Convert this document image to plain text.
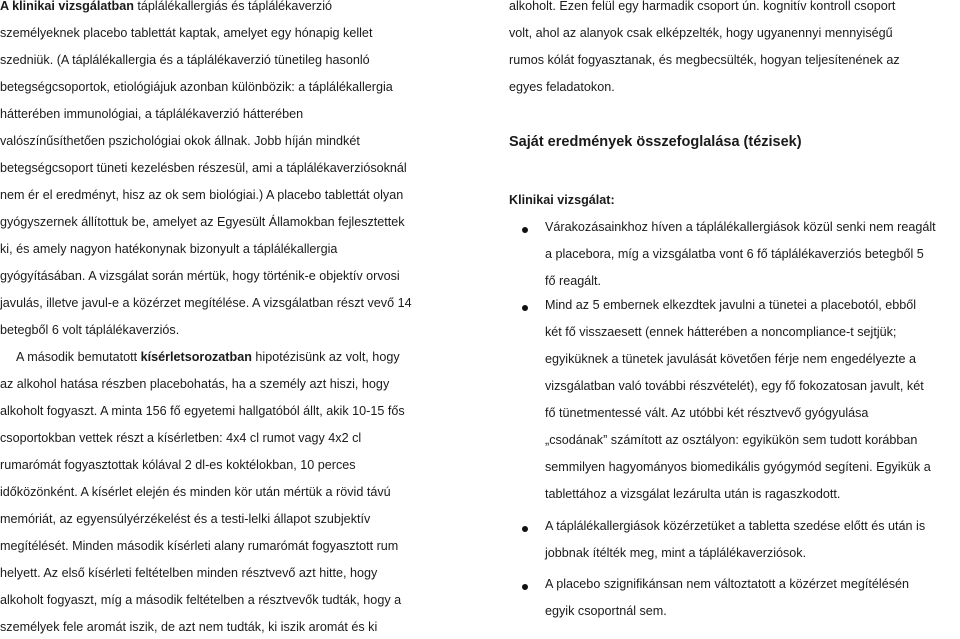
A klinikai vizsgálatban táplálékallergiás és táplálékaverzió
személyeknek placebo tablettát kaptak, amelyet egy hónapig kellet
szedniük. (A táplálékallergia és a táplálékaverzió tünetileg hasonló
betegségcsoportok, etiológiájuk azonban különbözik: a táplálékallergia
hátterében immunológiai, a táplálékaverzió hátterében
valószínűsíthetően pszichológiai okok állnak. Jobb híján mindkét
betegségcsoport tüneti kezelésben részesül, ami a táplálékaverziósoknál
nem ér el eredményt, hisz az ok sem biológiai.) A placebo tablettát olyan
gyógyszernek állítottuk be, amelyet az Egyesült Államokban fejlesztettek
ki, és amely nagyon hatékonynak bizonyult a táplálékallergia
gyógyításában. A vizsgálat során mértük, hogy történik-e objektív orvosi
javulás, illetve javul-e a közérzet megítélése. A vizsgálatban részt vevő 14
betegből 6 volt táplálékaverziós.
A második bemutatott kísérletsorozatban hipotézisünk az volt, hogy
az alkohol hatása részben placebohatás, ha a személy azt hiszi, hogy
alkoholt fogyaszt. A minta 156 fő egyetemi hallgatóból állt, akik 10-15 fős
csoportokban vettek részt a kísérletben: 4x4 cl rumot vagy 4x2 cl
rumarómát fogyasztottak kólával 2 dl-es koktélokban, 10 perces
időközönként. A kísérlet elején és minden kör után mértük a rövid távú
memóriát, az egyensúlyérzékelést és a testi-lelki állapot szubjektív
megítélését. Minden második kísérleti alany rumarómát fogyasztott rum
helyett. Az első kísérleti feltételben minden résztvevő azt hitte, hogy
alkoholt fogyaszt, míg a második feltételben a résztvevők tudták, hogy a
személyek fele aromát iszik, de azt nem tudták, ki iszik aromát és ki
alkoholt. Ezen felül egy harmadik csoport ún. kognitív kontroll csoport
volt, ahol az alanyok csak elképzelték, hogy ugyanennyi mennyiségű
rumos kólát fogyasztanak, és megbecsülték, hogyan teljesítenének az
egyes feladatokon.
Saját eredmények összefoglalása (tézisek)
Klinikai vizsgálat:
Várakozásainkhoz híven a táplálékallergiások közül senki nem reagált
a placeborа, míg a vizsgálatba vont 6 fő táplálékaverziós betegből 5
fő reagált.
Mind az 5 embernek elkezdtek javulni a tünetei a placebotól, ebből
két fő visszaesett (ennek hátterében a noncompliance-t sejtjük;
egyiküknek a tünetek javulását követően férje nem engedélyezte a
vizsgálatban való további részvételét), egy fő fokozatosan javult, két
fő tünetmentessé vált. Az utóbbi két résztvevő gyógyulása
„csodának” számított az osztályon: egyikükön sem tudott korábban
semmilyen hagyományos biomedikális gyógymód segíteni. Egyikük a
tablettához a vizsgálat lezárulta után is ragaszkodott.
A táplálékallergiások közérzetüket a tabletta szedése előtt és után is
jobbnak ítélték meg, mint a táplálékaverziósok.
A placebo szignifikánsan nem változtatott a közérzet megítélésén
egyik csoportnál sem.
